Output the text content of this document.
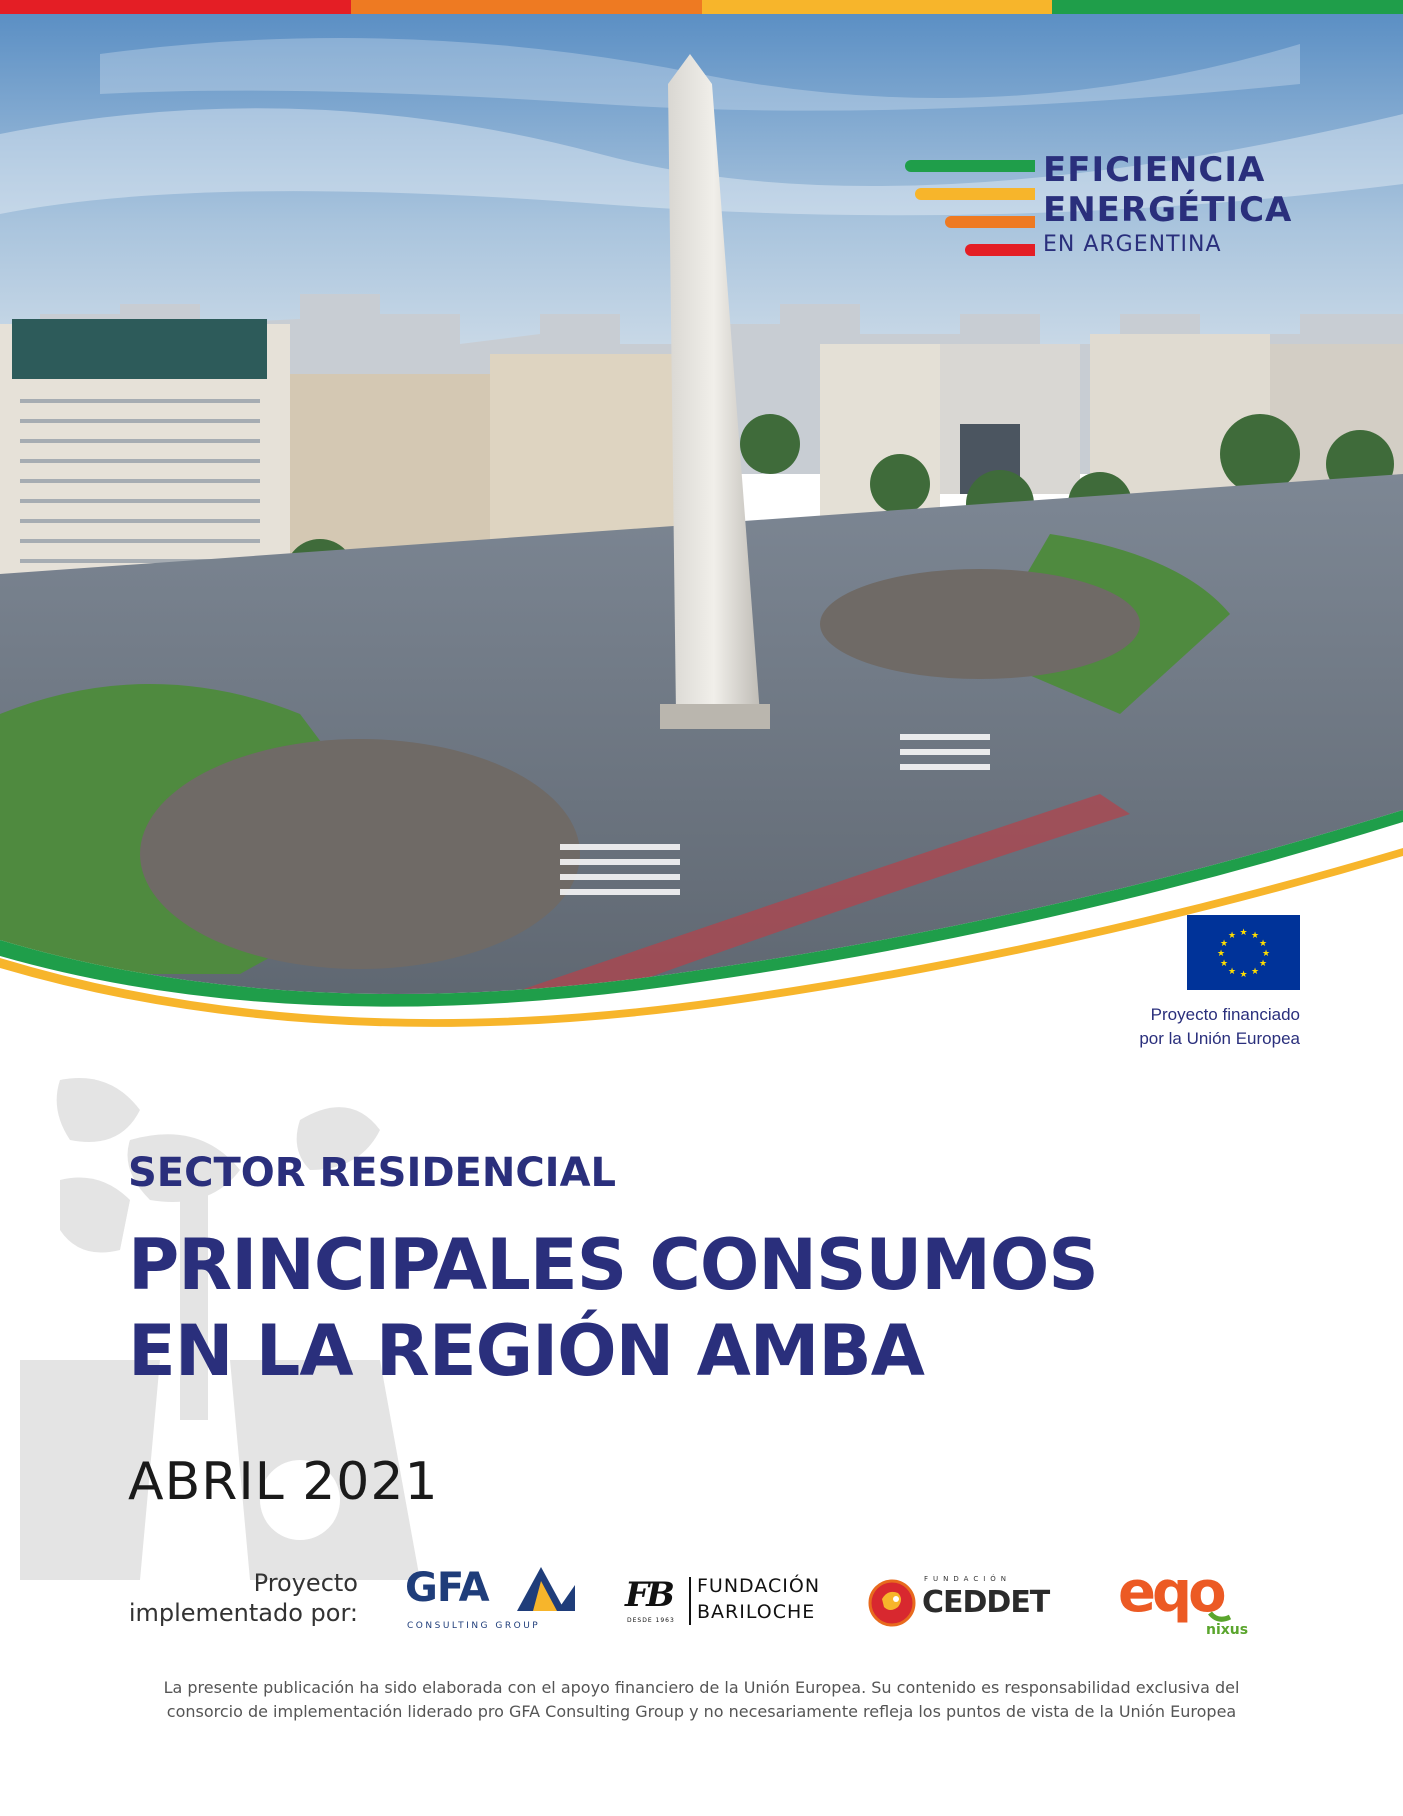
EFICIENCIA
ENERGÉTICA
EN ARGENTINA
★ ★
★
★
★
★
★
★
★
★
★
★
Proyecto financiado
por la Unión Europea
SECTOR RESIDENCIAL
PRINCIPALES CONSUMOS
EN LA REGIÓN AMBA
ABRIL 2021
Proyecto
implementado por:
GFA
CONSULTING GROUP
FB
DESDE 1963
FUNDACIÓN
BARILOCHE
FUNDACIÓN
CEDDET eqo
nixus
La presente publicación ha sido elaborada con el apoyo financiero de la Unión Europea. Su contenido es responsabilidad exclusiva del
consorcio de implementación liderado pro GFA Consulting Group y no necesariamente refleja los puntos de vista de la Unión Europea
